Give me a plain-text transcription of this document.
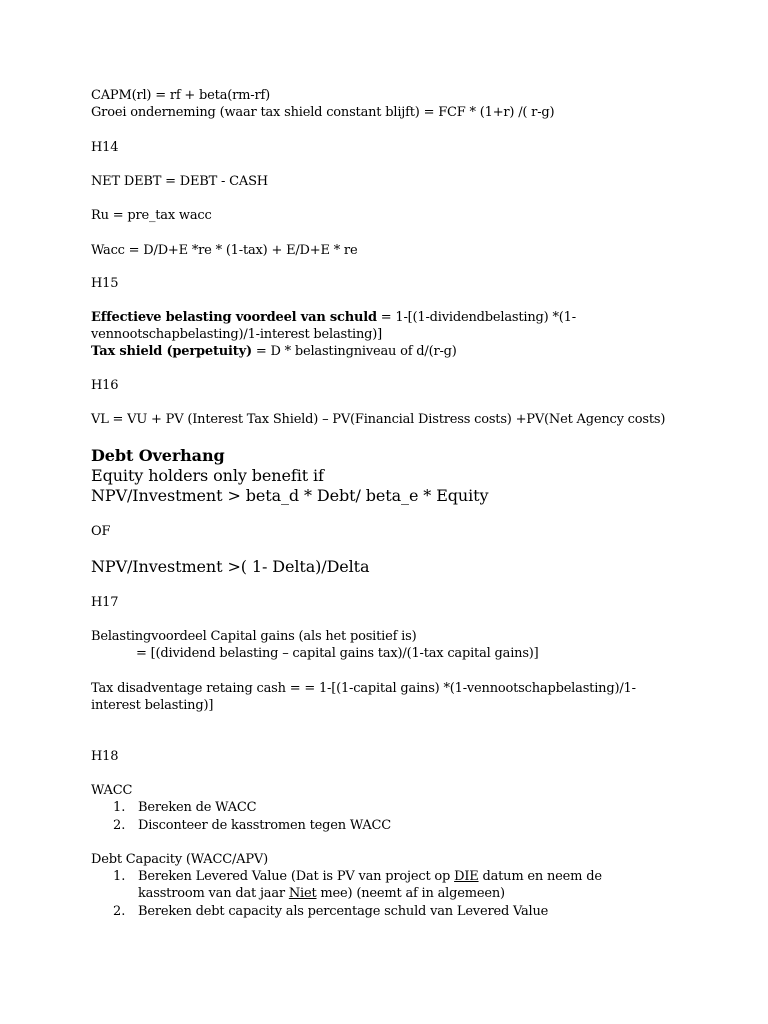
CAPM(rl) = rf + beta(rm-rf)
Groei onderneming (waar tax shield constant blijft) = FCF * (1+r) /( r-g)
H14
NET DEBT = DEBT - CASH
Ru = pre_tax wacc
Wacc = D/D+E *re * (1-tax) + E/D+E * re
H15
Effectieve belasting voordeel van schuld = 1-[(1-dividendbelasting) *(1-
vennootschapbelasting)/1-interest belasting)]
Tax shield (perpetuity) = D * belastingniveau of d/(r-g)
H16
VL = VU + PV (Interest Tax Shield) – PV(Financial Distress costs) +PV(Net Agency costs)
Debt Overhang
Equity holders only benefit if
NPV/Investment > beta_d * Debt/ beta_e * Equity
OF
NPV/Investment >( 1- Delta)/Delta
H17
Belastingvoordeel Capital gains (als het positief is)
= [(dividend belasting – capital gains tax)/(1-tax capital gains)]
Tax disadventage retaing cash = = 1-[(1-capital gains) *(1-vennootschapbelasting)/1-
interest belasting)]
H18
WACC
1. Bereken de WACC
2. Disconteer de kasstromen tegen WACC
Debt Capacity (WACC/APV)
1. Bereken Levered Value (Dat is PV van project op DIE datum en neem de
kasstroom van dat jaar Niet mee) (neemt af in algemeen)
2. Bereken debt capacity als percentage schuld van Levered Value
